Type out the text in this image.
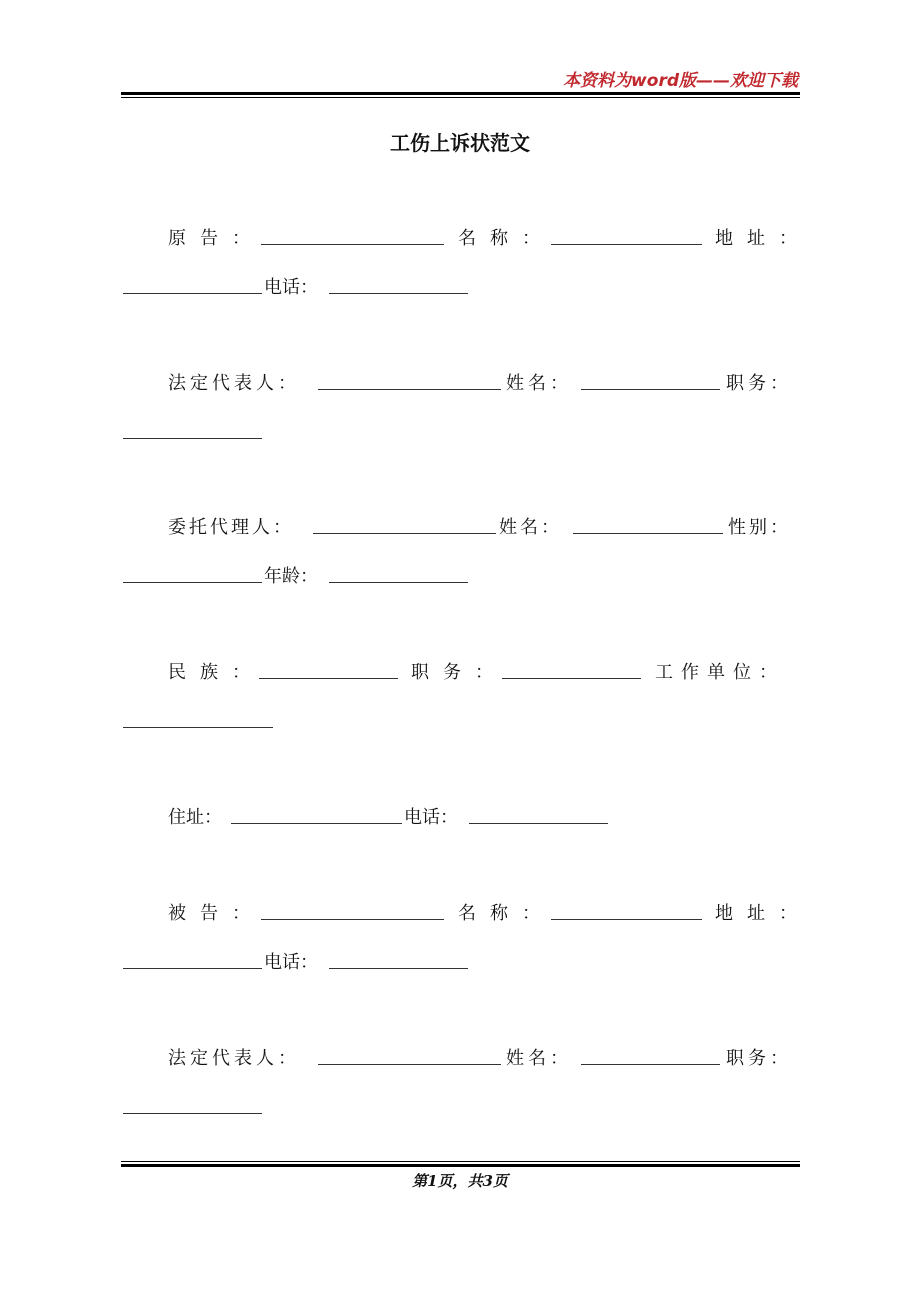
本资料为word版——欢迎下载
工伤上诉状范文
原告：	名称：	地址：
电话：
法定代表人：	姓名：	职务：
委托代理人：	姓名：	性别：
年龄：
民族：	职务：	工作单位：
住址：	电话：
被告：	名称：	地址：
电话：
法定代表人：	姓名：	职务：
第1页，共3页
